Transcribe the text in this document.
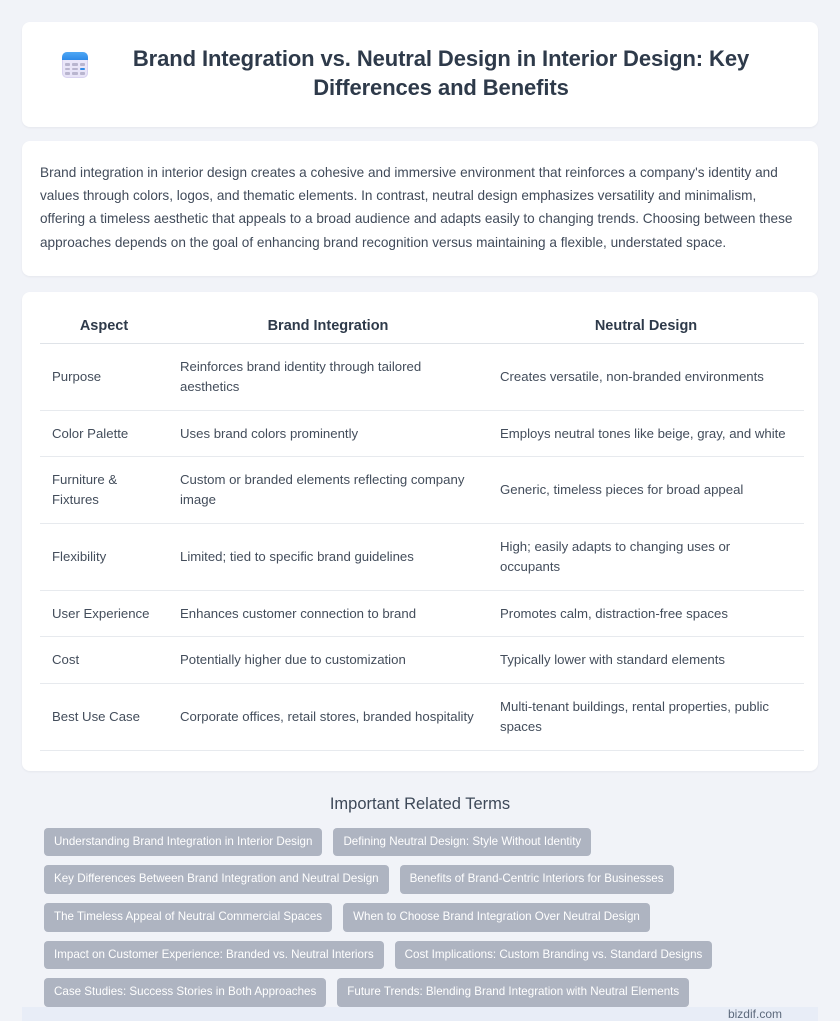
Brand Integration vs. Neutral Design in Interior Design: Key Differences and Benefits

Brand integration in interior design creates a cohesive and immersive environment that reinforces a company's identity and values through colors, logos, and thematic elements. In contrast, neutral design emphasizes versatility and minimalism, offering a timeless aesthetic that appeals to a broad audience and adapts easily to changing trends. Choosing between these approaches depends on the goal of enhancing brand recognition versus maintaining a flexible, understated space.

Aspect	Brand Integration	Neutral Design
Purpose	Reinforces brand identity through tailored aesthetics	Creates versatile, non-branded environments
Color Palette	Uses brand colors prominently	Employs neutral tones like beige, gray, and white
Furniture & Fixtures	Custom or branded elements reflecting company image	Generic, timeless pieces for broad appeal
Flexibility	Limited; tied to specific brand guidelines	High; easily adapts to changing uses or occupants
User Experience	Enhances customer connection to brand	Promotes calm, distraction-free spaces
Cost	Potentially higher due to customization	Typically lower with standard elements
Best Use Case	Corporate offices, retail stores, branded hospitality	Multi-tenant buildings, rental properties, public spaces
Important Related Terms
Understanding Brand Integration in Interior Design	Defining Neutral Design: Style Without Identity
Key Differences Between Brand Integration and Neutral Design	Benefits of Brand-Centric Interiors for Businesses
The Timeless Appeal of Neutral Commercial Spaces	When to Choose Brand Integration Over Neutral Design
Impact on Customer Experience: Branded vs. Neutral Interiors	Cost Implications: Custom Branding vs. Standard Designs
Case Studies: Success Stories in Both Approaches	Future Trends: Blending Brand Integration with Neutral Elements
bizdif.com
